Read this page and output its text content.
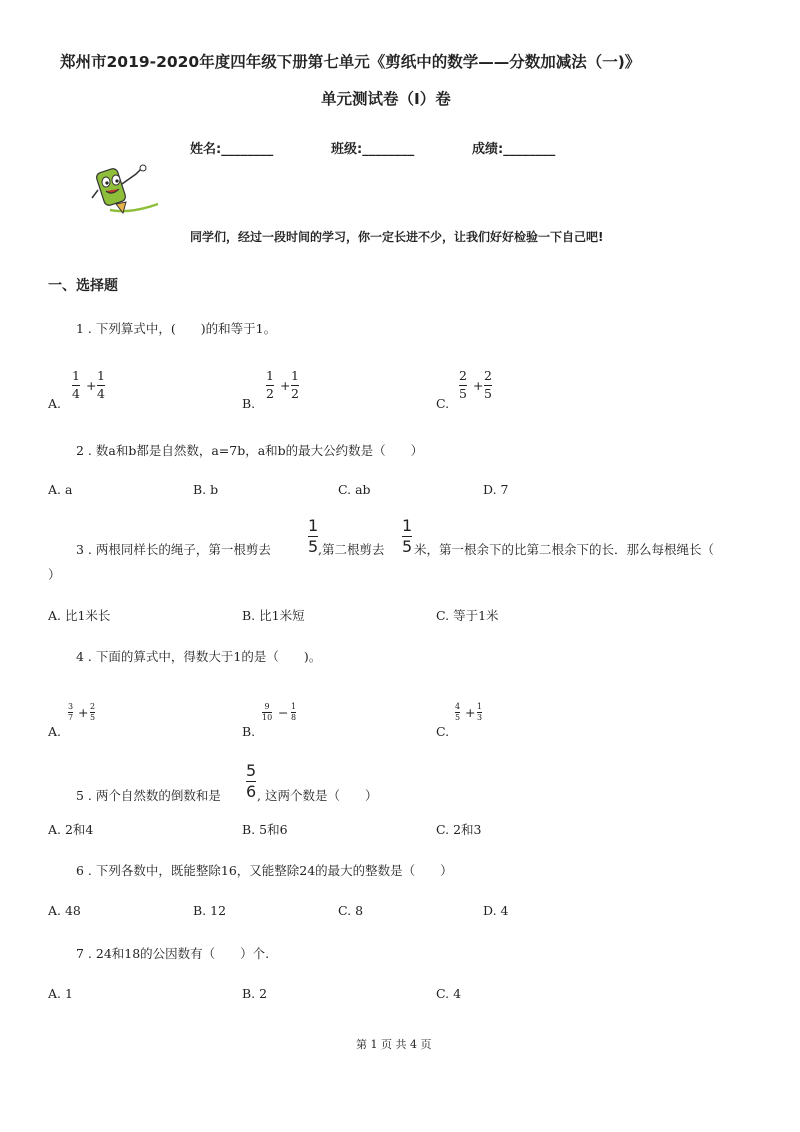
郑州市2019-2020年度四年级下册第七单元《剪纸中的数学——分数加减法（一)》
单元测试卷（I）卷
姓名:________	班级:________	成绩:________
同学们，经过一段时间的学习，你一定长进不少，让我们好好检验一下自己吧!
一、选择题
1 . 下列算式中，(　　)的和等于1。
A.
1
4 +
1
4
B.
1
2 +
1
2
C.
2
5 +
2
5
2 . 数a和b都是自然数，a=7b，a和b的最大公约数是（　　）
A. a	B. b	C. ab	D. 7
3 . 两根同样长的绳子，第一根剪去
1
5 ,第二根剪去
1
5 米，第一根余下的比第二根余下的长．那么每根绳长（
）
A. 比1米长	B. 比1米短	C. 等于1米
4 . 下面的算式中，得数大于1的是（　　)。
A.
3
7 + 2
5
B.
9
10 − 1
8
C.
4
5 + 1
3
5 . 两个自然数的倒数和是
5
6 , 这两个数是（　　）
A. 2和4	B. 5和6	C. 2和3
6 . 下列各数中，既能整除16，又能整除24的最大的整数是（　　）
A. 48	B. 12	C. 8	D. 4
7 . 24和18的公因数有（　　）个.
A. 1	B. 2	C. 4
第 1 页 共 4 页
